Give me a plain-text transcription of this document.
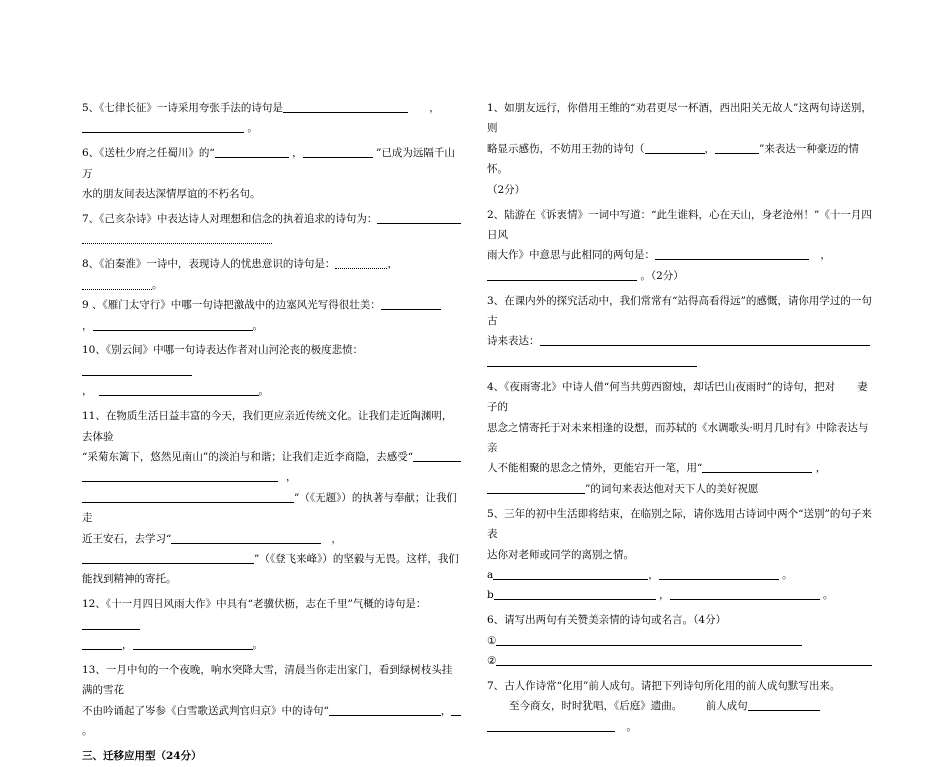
5、《七律长征》一诗采用夸张手法的诗句是	，
。
6、《送杜少府之任蜀川》的“	，	”已成为远隔千山万
水的朋友间表达深情厚谊的不朽名句。
7、《己亥杂诗》中表达诗人对理想和信念的执着追求的诗句为：
8、《泊秦淮》一诗中，表现诗人的忧患意识的诗句是：	，。
9 、《雁门太守行》中哪一句诗把激战中的边塞风光写得很壮美：
，	。
10、《别云间》中哪一句诗表达作者对山河沦丧的极度悲愤：
，	。
11、在物质生活日益丰富的今天，我们更应亲近传统文化。让我们走近陶渊明，去体验
“采菊东篱下，悠然见南山”的淡泊与和谐；让我们走近李商隐，去感受“
，
”（《无题》）的执著与奉献；让我们走
近王安石，去学习“	，
”（《登飞来峰》）的坚毅与无畏。这样，我们
能找到精神的寄托。
12、《十一月四日风雨大作》中具有“老骥伏枥，志在千里”气概的诗句是：
，	。
13、一月中旬的一个夜晚，响水突降大雪，清晨当你走出家门，看到绿树枝头挂满的雪花
不由吟诵起了岑参《白雪歌送武判官归京》中的诗句“	，
。
三、迁移应用型（24分）
1、如朋友远行，你借用王维的“劝君更尽一杯酒，西出阳关无故人”这两句诗送别，则
略显示感伤，不妨用王勃的诗句（	，	”来表达一种豪迈的情怀。
（2分）
2、陆游在《诉衷情》一词中写道：“此生谁料，心在天山，身老沧州！”《十一月四日风
雨大作》中意思与此相同的两句是：	，
。（2分）
3、在课内外的探究活动中，我们常常有“站得高看得远”的感慨，请你用学过的一句古
诗来表达：
4、《夜雨寄北》中诗人借“何当共剪西窗烛，却话巴山夜雨时”的诗句，把对 妻子的
思念之情寄托于对未来相逢的设想，而苏轼的《水调歌头·明月几时有》中除表达与亲
人不能相聚的思念之情外，更能宕开一笔，用“	，
”的词句来表达他对天下人的美好祝愿
5、三年的初中生活即将结束，在临别之际，请你选用古诗词中两个“送别”的句子来表
达你对老师或同学的离别之情。
a	，	。
b	，	。
6、请写出两句有关赞美亲情的诗句或名言。（4分）
①
②
7、古人作诗常“化用”前人成句。请把下列诗句所化用的前人成句默写出来。
至今商女，时时犹唱，《后庭》遗曲。 前人成句
。
